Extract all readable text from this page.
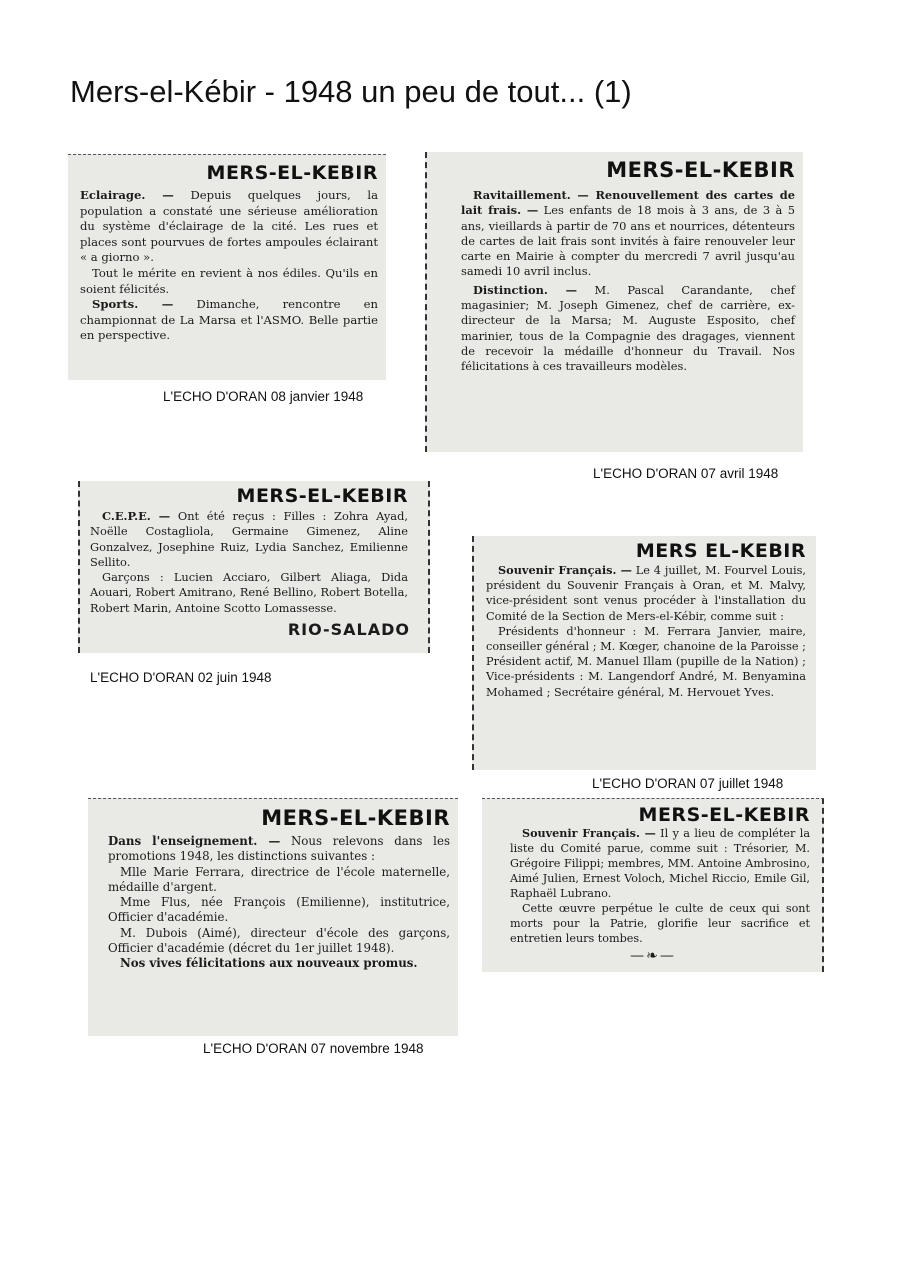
Mers-el-Kébir - 1948 un peu de tout... (1)
MERS-EL-KEBIR

Eclairage. — Depuis quelques jours, la population a constaté une sérieuse amélioration du système d'éclairage de la cité. Les rues et places sont pourvues de fortes ampoules éclairant « a giorno ».

Tout le mérite en revient à nos édiles. Qu'ils en soient félicités.

Sports. — Dimanche, rencontre en championnat de La Marsa et l'ASMO. Belle partie en perspective.

L'ECHO D'ORAN 08 janvier 1948
MERS-EL-KEBIR

Ravitaillement. — Renouvellement des cartes de lait frais. — Les enfants de 18 mois à 3 ans, de 3 à 5 ans, vieillards à partir de 70 ans et nourrices, détenteurs de cartes de lait frais sont invités à faire renouveler leur carte en Mairie à compter du mercredi 7 avril jusqu'au samedi 10 avril inclus.

Distinction. — M. Pascal Carandante, chef magasinier; M. Joseph Gimenez, chef de carrière, ex-directeur de la Marsa; M. Auguste Esposito, chef marinier, tous de la Compagnie des dragages, viennent de recevoir la médaille d'honneur du Travail. Nos félicitations à ces travailleurs modèles.

L'ECHO D'ORAN 07 avril 1948
MERS-EL-KEBIR

C.E.P.E. — Ont été reçus : Filles : Zohra Ayad, Noëlle Costagliola, Germaine Gimenez, Aline Gonzalvez, Josephine Ruiz, Lydia Sanchez, Emilienne Sellito.

Garçons : Lucien Acciaro, Gilbert Aliaga, Dida Aouari, Robert Amitrano, René Bellino, Robert Botella, Robert Marin, Antoine Scotto Lomassesse.

RIO-SALADO
L'ECHO D'ORAN 02 juin 1948
MERS EL-KEBIR

Souvenir Français. — Le 4 juillet, M. Fourvel Louis, président du Souvenir Français à Oran, et M. Malvy, vice-président sont venus procéder à l'installation du Comité de la Section de Mers-el-Kébir, comme suit :

Présidents d'honneur : M. Ferrara Janvier, maire, conseiller général ; M. Kœger, chanoine de la Paroisse ; Président actif, M. Manuel Illam (pupille de la Nation) ; Vice-présidents : M. Langendorf André, M. Benyamina Mohamed ; Secrétaire général, M. Hervouet Yves.

L'ECHO D'ORAN 07 juillet 1948
MERS-EL-KEBIR

Dans l'enseignement. — Nous relevons dans les promotions 1948, les distinctions suivantes :

Mlle Marie Ferrara, directrice de l'école maternelle, médaille d'argent.

Mme Flus, née François (Emilienne), institutrice, Officier d'académie.

M. Dubois (Aimé), directeur d'école des garçons, Officier d'académie (décret du 1er juillet 1948).

Nos vives félicitations aux nouveaux promus.

L'ECHO D'ORAN 07 novembre 1948
MERS-EL-KEBIR

Souvenir Français. — Il y a lieu de compléter la liste du Comité parue, comme suit : Trésorier, M. Grégoire Filippi; membres, MM. Antoine Ambrosino, Aimé Julien, Ernest Voloch, Michel Riccio, Emile Gil, Raphaël Lubrano.

Cette œuvre perpétue le culte de ceux qui sont morts pour la Patrie, glorifie leur sacrifice et entretien leurs tombes.

—❧—
